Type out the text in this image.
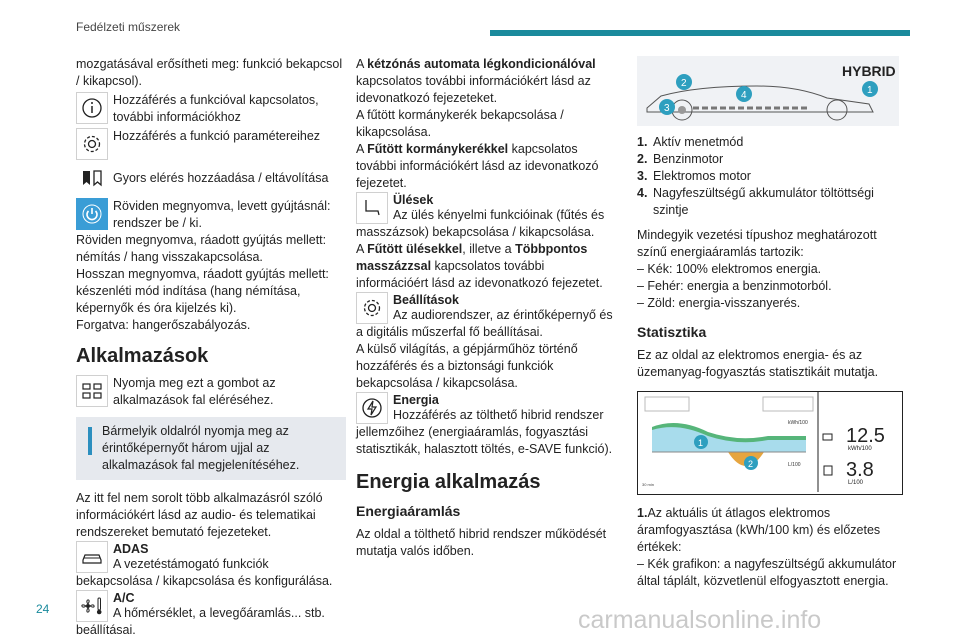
Fedélzeti műszerek

mozgatásával erősítheti meg: funkció bekapcsol / kikapcsol).

Hozzáférés a funkcióval kapcsolatos, további információkhoz
Hozzáférés a funkció paramétereihez
Gyors elérés hozzáadása / eltávolítása
Röviden megnyomva, levett gyújtásnál: rendszer be / ki.

Röviden megnyomva, ráadott gyújtás mellett: némítás / hang visszakapcsolása.

Hosszan megnyomva, ráadott gyújtás mellett: készenléti mód indítása (hang némítása, képernyők és óra kijelzés ki).

Forgatva: hangerőszabályozás.

Alkalmazások
Nyomja meg ezt a gombot az alkalmazások fal eléréséhez.
Bármelyik oldalról nyomja meg az érintőképernyőt három ujjal az alkalmazások fal megjelenítéséhez.

Az itt fel nem sorolt több alkalmazásról szóló információkért lásd az audio- és telematikai rendszereket bemutató fejezeteket.

ADAS

A vezetéstámogató funkciók bekapcsolása / kikapcsolása és konfigurálása.

A/C

A hőmérséklet, a levegőáramlás... stb. beállításai.

A kétzónás automata légkondicionálóval kapcsolatos további információkért lásd az idevonatkozó fejezeteket.

A fűtött kormánykerék bekapcsolása / kikapcsolása.

A Fűtött kormánykerékkel kapcsolatos további információkért lásd az idevonatkozó fejezetet.

Ülések

Az ülés kényelmi funkcióinak (fűtés és masszázsok) bekapcsolása / kikapcsolása.

A Fűtött ülésekkel, illetve a Többpontos masszázzsal kapcsolatos további információért lásd az idevonatkozó fejezetet.

Beállítások

Az audiorendszer, az érintőképernyő és a digitális műszerfal fő beállításai.

A külső világítás, a gépjárműhöz történő hozzáférés és a biztonsági funkciók bekapcsolása / kikapcsolása.

Energia

Hozzáférés az tölthető hibrid rendszer jellemzőihez (energiaáramlás, fogyasztási statisztikák, halasztott töltés, e-SAVE funkció).

Energia alkalmazás
Energiaáramlás

Az oldal a tölthető hibrid rendszer működését mutatja valós időben.

HYBRID
1
2
3
4
1. Aktív menetmód
2. Benzinmotor
3. Elektromos motor
4. Nagyfeszültségű akkumulátor töltöttségi szintje

Mindegyik vezetési típushoz meghatározott színű energiaáramlás tartozik:

– Kék: 100% elektromos energia.

– Fehér: energia a benzinmotorból.

– Zöld: energia-visszanyerés.

Statisztika

Ez az oldal az elektromos energia- és az üzemanyag-fogyasztás statisztikáit mutatja.

kWh/100
L/100
1
2
12.5
kWh/100
3.8
L/100
30 min

1.Az aktuális út átlagos elektromos áramfogyasztása (kWh/100 km) és előzetes értékek:

– Kék grafikon: a nagyfeszültségű akkumulátor által táplált, közvetlenül elfogyasztott energia.

24	carmanualsonline.info
